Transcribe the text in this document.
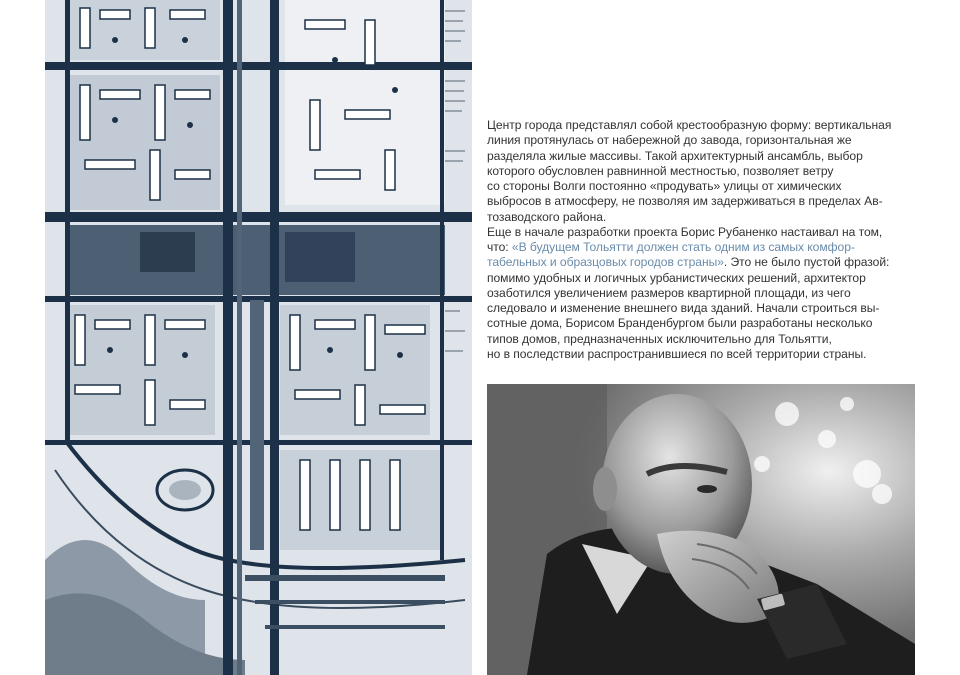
Центр города представлял собой крестообразную форму: вертикальная
линия протянулась от набережной до завода, горизонтальная же
разделяла жилые массивы. Такой архитектурный ансамбль, выбор
которого обусловлен равнинной местностью, позволяет ветру
со стороны Волги постоянно «продувать» улицы от химических
выбросов в атмосферу, не позволяя им задерживаться в пределах Ав-
тозаводского района.

Еще в начале разработки проекта Борис Рубаненко настаивал на том,
что: «В будущем Тольятти должен стать одним из самых комфор-
табельных и образцовых городов страны». Это не было пустой фразой:
помимо удобных и логичных урбанистических решений, архитектор
озаботился увеличением размеров квартирной площади, из чего
следовало и изменение внешнего вида зданий. Начали строиться вы-
сотные дома, Борисом Бранденбургом были разработаны несколько
типов домов, предназначенных исключительно для Тольятти,
но в последствии распространившиеся по всей территории страны.
